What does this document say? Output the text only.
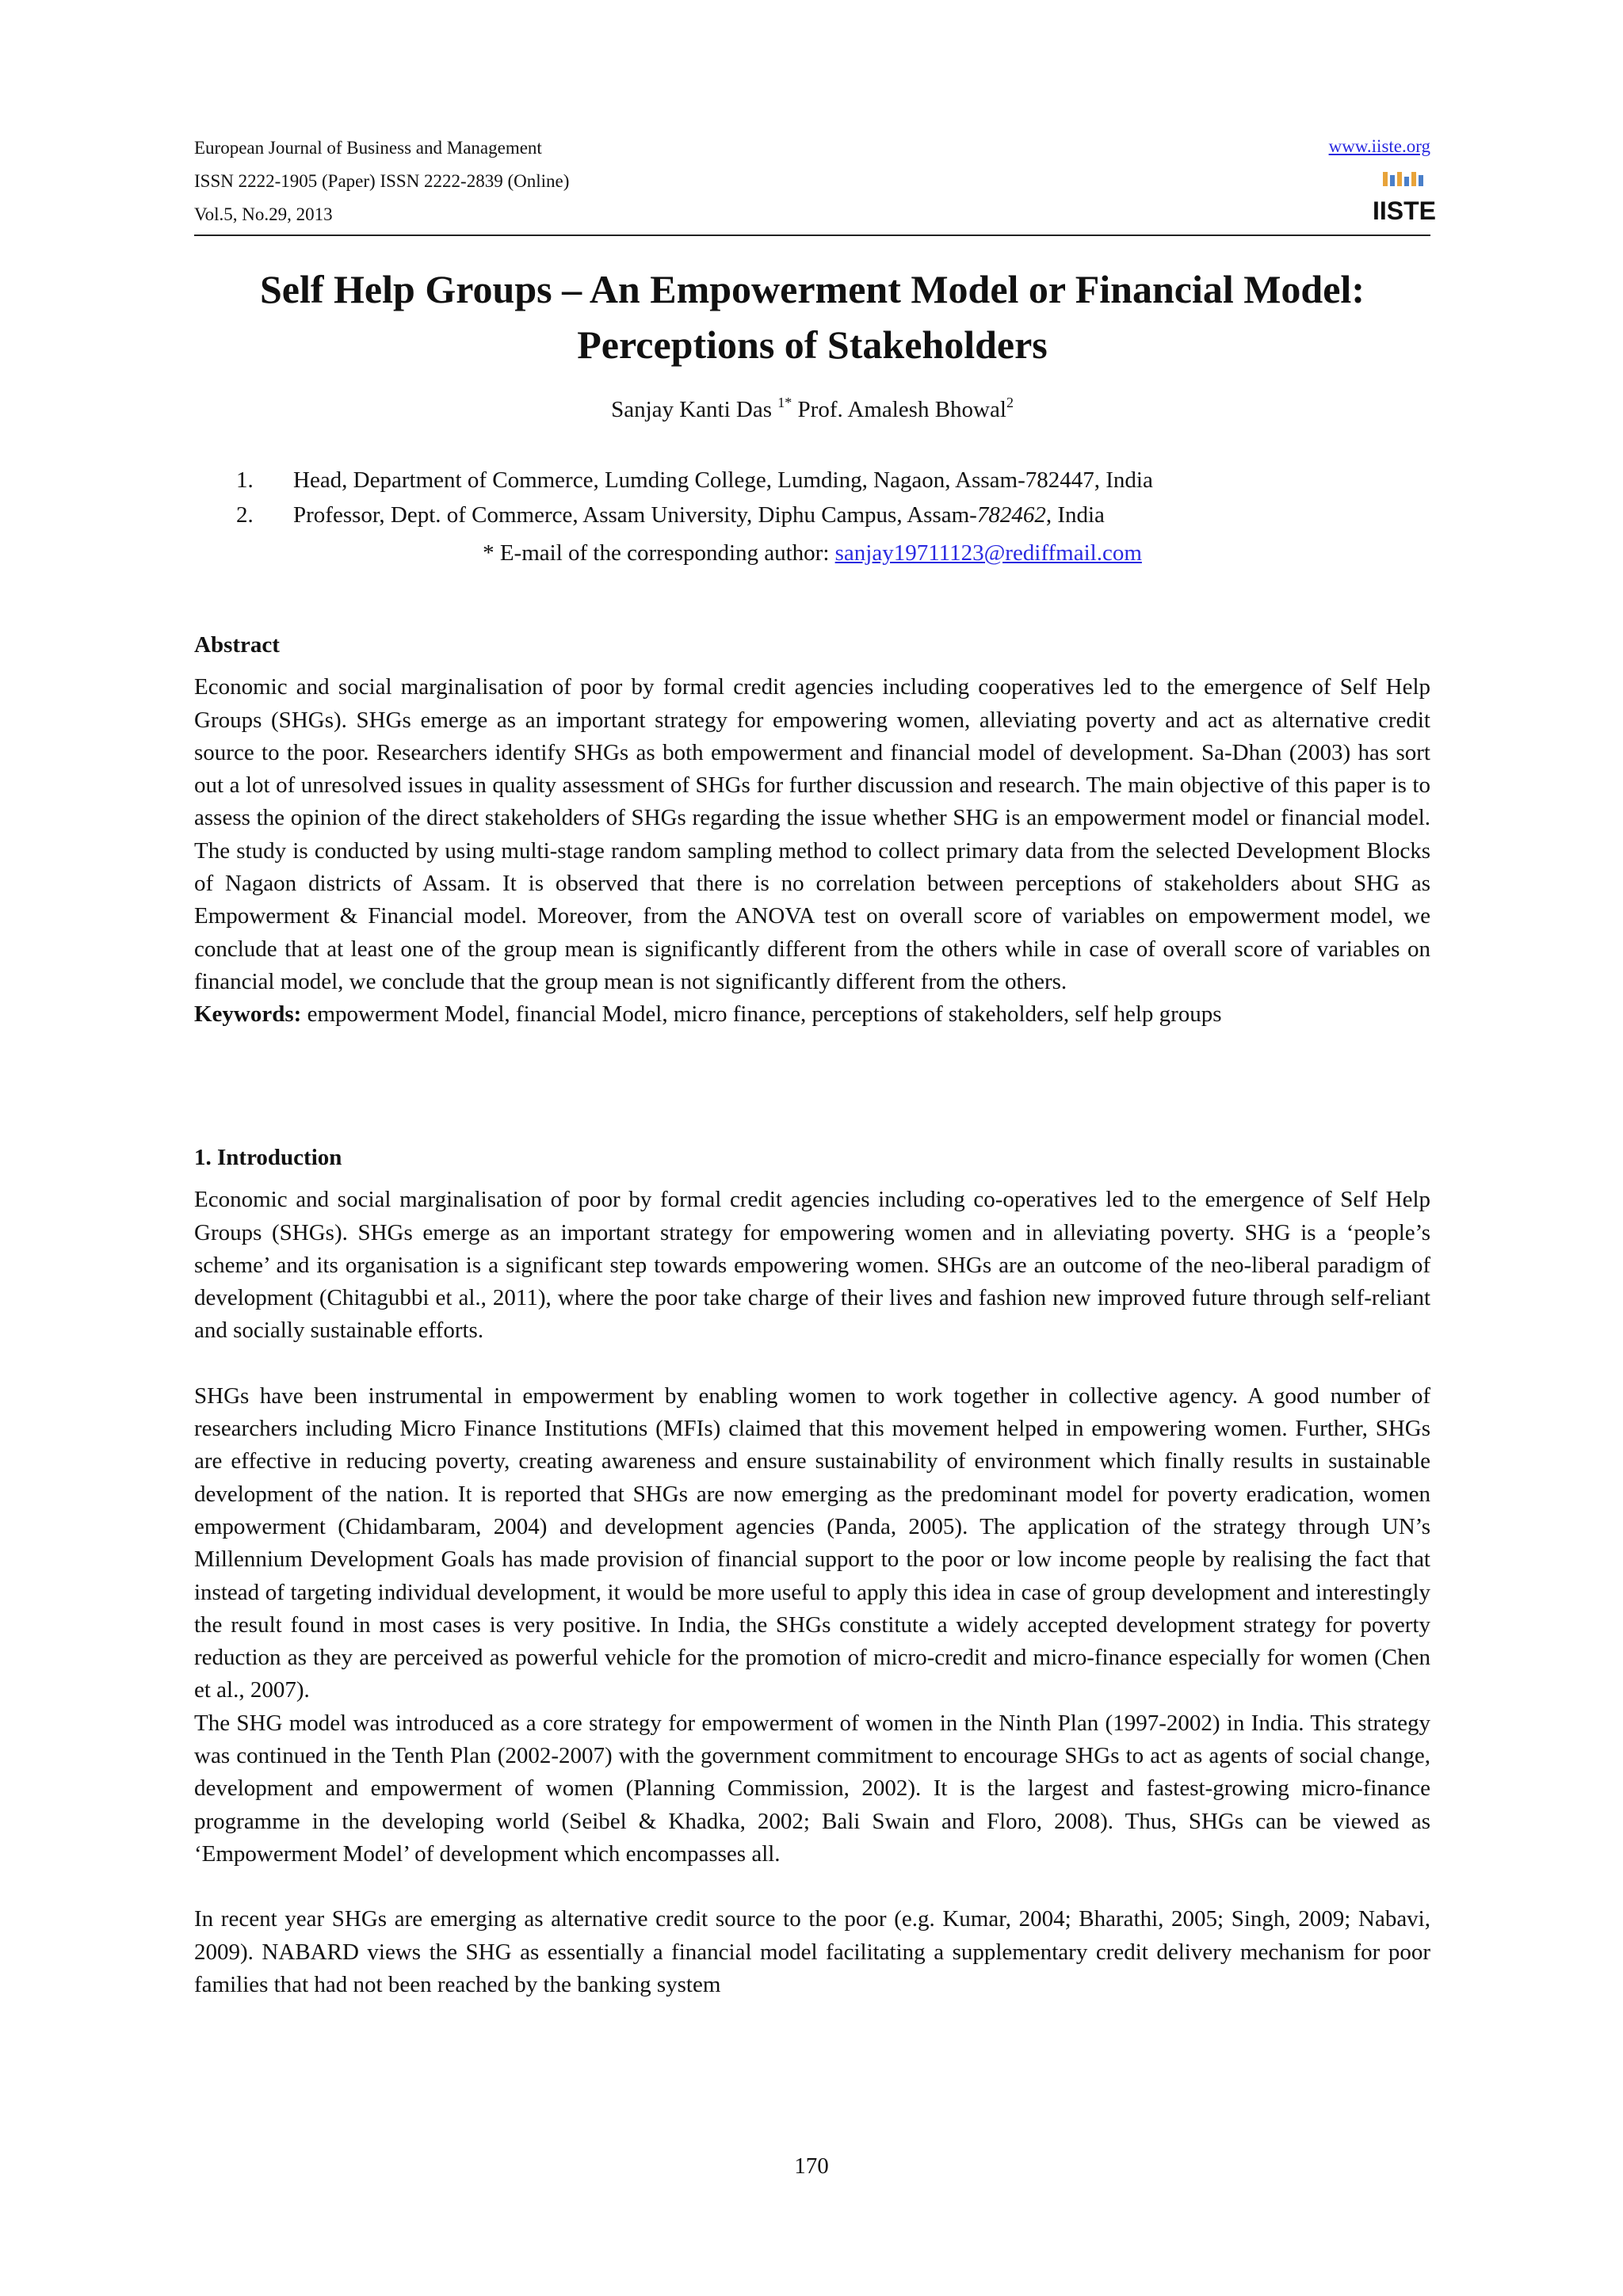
European Journal of Business and Management
ISSN 2222-1905 (Paper) ISSN 2222-2839 (Online)
Vol.5, No.29, 2013
www.iiste.org
IISTE
Self Help Groups – An Empowerment Model or Financial Model:
Perceptions of Stakeholders
Sanjay Kanti Das $^{1*}$ Prof. Amalesh Bhowal$^2$
1. Head, Department of Commerce, Lumding College, Lumding, Nagaon, Assam-782447, India
2. Professor, Dept. of Commerce, Assam University, Diphu Campus, Assam-782462, India
* E-mail of the corresponding author: sanjay19711123@rediffmail.com

Abstract

Economic and social marginalisation of poor by formal credit agencies including cooperatives led to the emergence of Self Help Groups (SHGs). SHGs emerge as an important strategy for empowering women, alleviating poverty and act as alternative credit source to the poor. Researchers identify SHGs as both empowerment and financial model of development. Sa-Dhan (2003) has sort out a lot of unresolved issues in quality assessment of SHGs for further discussion and research. The main objective of this paper is to assess the opinion of the direct stakeholders of SHGs regarding the issue whether SHG is an empowerment model or financial model. The study is conducted by using multi-stage random sampling method to collect primary data from the selected Development Blocks of Nagaon districts of Assam. It is observed that there is no correlation between perceptions of stakeholders about SHG as Empowerment & Financial model. Moreover, from the ANOVA test on overall score of variables on empowerment model, we conclude that at least one of the group mean is significantly different from the others while in case of overall score of variables on financial model, we conclude that the group mean is not significantly different from the others.

Keywords: empowerment Model, financial Model, micro finance, perceptions of stakeholders, self help groups

1. Introduction

Economic and social marginalisation of poor by formal credit agencies including co-operatives led to the emergence of Self Help Groups (SHGs). SHGs emerge as an important strategy for empowering women and in alleviating poverty. SHG is a ‘people’s scheme’ and its organisation is a significant step towards empowering women. SHGs are an outcome of the neo-liberal paradigm of development (Chitagubbi et al., 2011), where the poor take charge of their lives and fashion new improved future through self-reliant and socially sustainable efforts.

SHGs have been instrumental in empowerment by enabling women to work together in collective agency. A good number of researchers including Micro Finance Institutions (MFIs) claimed that this movement helped in empowering women. Further, SHGs are effective in reducing poverty, creating awareness and ensure sustainability of environment which finally results in sustainable development of the nation. It is reported that SHGs are now emerging as the predominant model for poverty eradication, women empowerment (Chidambaram, 2004) and development agencies (Panda, 2005). The application of the strategy through UN’s Millennium Development Goals has made provision of financial support to the poor or low income people by realising the fact that instead of targeting individual development, it would be more useful to apply this idea in case of group development and interestingly the result found in most cases is very positive. In India, the SHGs constitute a widely accepted development strategy for poverty reduction as they are perceived as powerful vehicle for the promotion of micro-credit and micro-finance especially for women (Chen et al., 2007).

The SHG model was introduced as a core strategy for empowerment of women in the Ninth Plan (1997-2002) in India. This strategy was continued in the Tenth Plan (2002-2007) with the government commitment to encourage SHGs to act as agents of social change, development and empowerment of women (Planning Commission, 2002). It is the largest and fastest-growing micro-finance programme in the developing world (Seibel & Khadka, 2002; Bali Swain and Floro, 2008). Thus, SHGs can be viewed as ‘Empowerment Model’ of development which encompasses all.

In recent year SHGs are emerging as alternative credit source to the poor (e.g. Kumar, 2004; Bharathi, 2005; Singh, 2009; Nabavi, 2009). NABARD views the SHG as essentially a financial model facilitating a supplementary credit delivery mechanism for poor families that had not been reached by the banking system

170
